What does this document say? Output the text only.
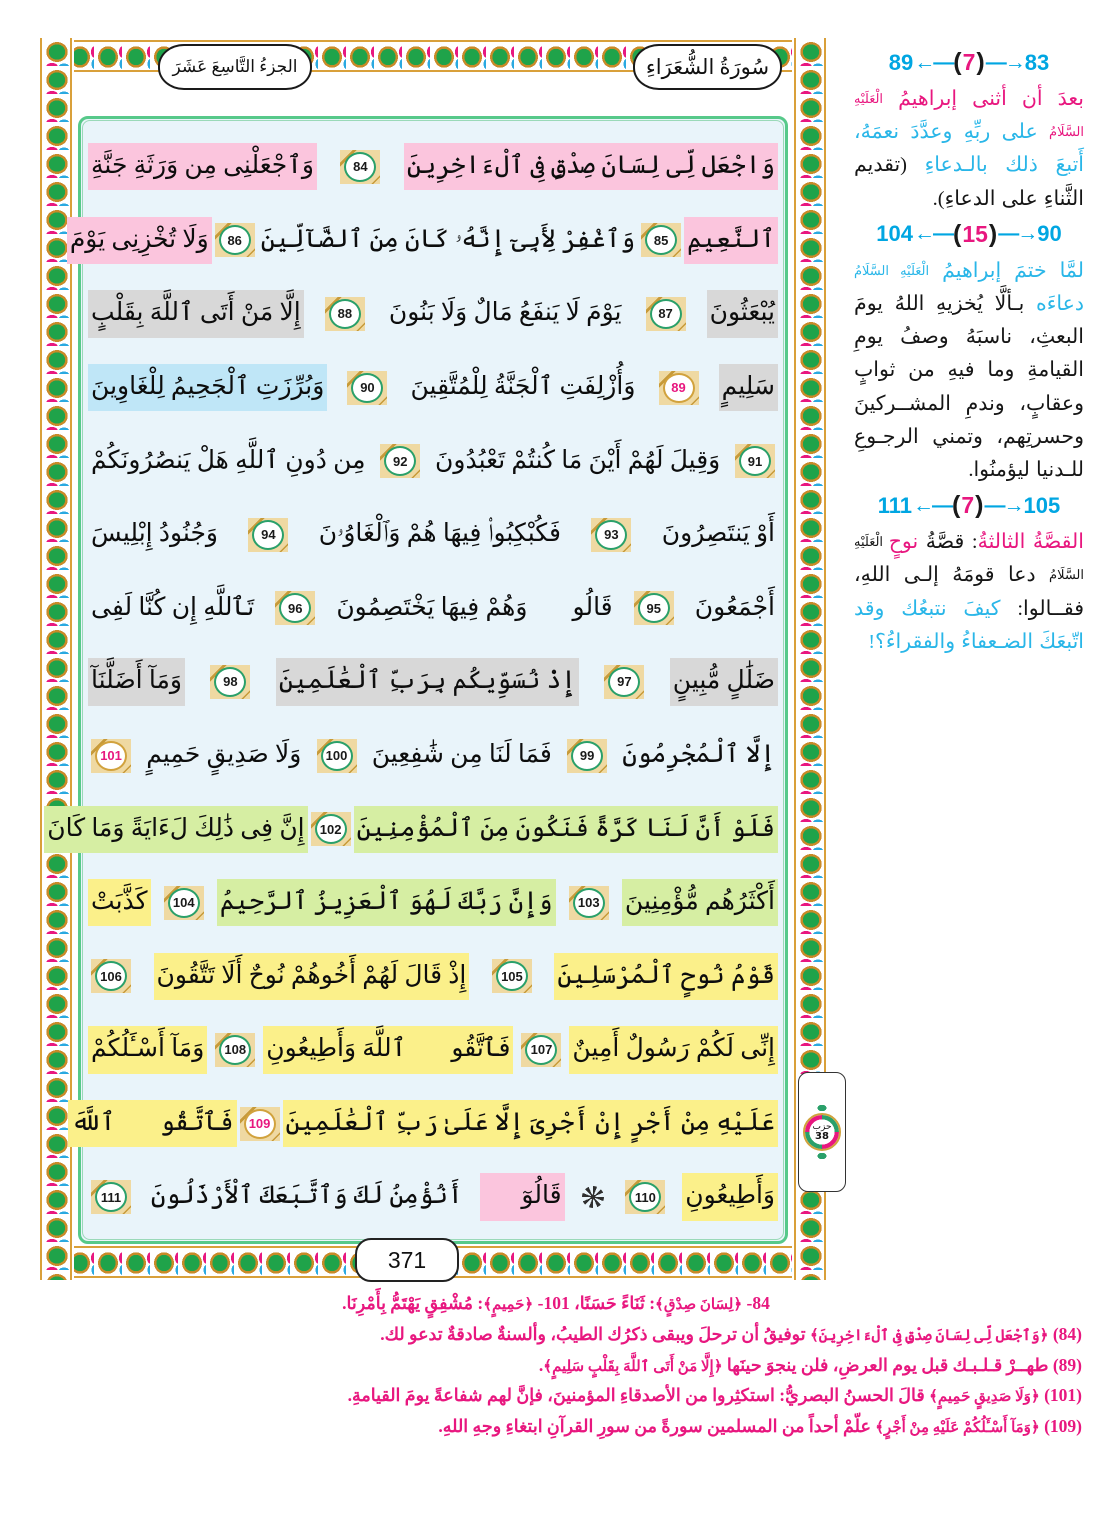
سُورَةُ الشُّعَرَاءِ
الجزءُ التَّاسِعَ عَشَرَ
وَاجْعَل لِّى لِسَانَ صِدْقٍ فِى ٱلْءَاخِرِينَ
84
وَٱجْعَلْنِى مِن وَرَثَةِ جَنَّةِ
ٱلنَّعِيمِ
85
وَٱغْفِرْ لِأَبِىٓ إِنَّهُۥ كَانَ مِنَ ٱلضَّآلِّينَ
86
وَلَا تُخْزِنِى يَوْمَ
يُبْعَثُونَ
87
يَوْمَ لَا يَنفَعُ مَالٌ وَلَا بَنُونَ
88
إِلَّا مَنْ أَتَى ٱللَّهَ بِقَلْبٍ
سَلِيمٍ
89
وَأُزْلِفَتِ ٱلْجَنَّةُ لِلْمُتَّقِينَ
90
وَبُرِّزَتِ ٱلْجَحِيمُ لِلْغَاوِينَ
91
وَقِيلَ لَهُمْ أَيْنَ مَا كُنتُمْ تَعْبُدُونَ
92
مِن دُونِ ٱللَّهِ هَلْ يَنصُرُونَكُمْ
أَوْ يَنتَصِرُونَ
93
فَكُبْكِبُوا۟ فِيهَا هُمْ وَٱلْغَاوُۥنَ
94
وَجُنُودُ إِبْلِيسَ
أَجْمَعُونَ
95
قَالُوا۟ وَهُمْ فِيهَا يَخْتَصِمُونَ
96
تَٱللَّهِ إِن كُنَّا لَفِى
ضَلَٰلٍ مُّبِينٍ
97
إِذْ نُسَوِّيكُم بِرَبِّ ٱلْعَٰلَمِينَ
98
وَمَآ أَضَلَّنَآ
إِلَّا ٱلْمُجْرِمُونَ
99
فَمَا لَنَا مِن شَٰفِعِينَ
100
وَلَا صَدِيقٍ حَمِيمٍ
101
فَلَوْ أَنَّ لَنَا كَرَّةً فَنَكُونَ مِنَ ٱلْمُؤْمِنِينَ
102
إِنَّ فِى ذَٰلِكَ لَءَايَةً وَمَا كَانَ
أَكْثَرُهُم مُّؤْمِنِينَ
103
وَإِنَّ رَبَّكَ لَهُوَ ٱلْعَزِيزُ ٱلرَّحِيمُ
104
كَذَّبَتْ
قَوْمُ نُوحٍ ٱلْمُرْسَلِينَ
105
إِذْ قَالَ لَهُمْ أَخُوهُمْ نُوحٌ أَلَا تَتَّقُونَ
106
إِنِّى لَكُمْ رَسُولٌ أَمِينٌ
107
فَٱتَّقُوا۟ ٱللَّهَ وَأَطِيعُونِ
108
وَمَآ أَسْـَٔلُكُمْ
عَلَيْهِ مِنْ أَجْرٍ إِنْ أَجْرِىَ إِلَّا عَلَىٰ رَبِّ ٱلْعَٰلَمِينَ
109
فَٱتَّقُوا۟ ٱللَّهَ
وَأَطِيعُونِ
110
قَالُوٓا۟
أَنُؤْمِنُ لَكَ وَٱتَّبَعَكَ ٱلْأَرْذَلُونَ
111
حزب
38
371
89 ←— ( 7 ) —→ 83

بعدَ أن أثنى إبراهيمُ الْعَلَيْهِ السَّلَامُ على ربِّهِ وعدَّدَ نعمَهُ، أَتبعَ ذلك بالـدعاءِ (تقديم الثَّناءِ على الدعاءِ).

104 ←— ( 15 ) —→ 90

لمَّا ختمَ إبراهيمُ الْعَلَيْهِ السَّلَامُ دعاءَه بـألَّا يُخزيهِ اللهُ يومَ البعثِ، ناسبَهُ وصفُ يومِ القيامةِ وما فيهِ من ثوابٍ وعقابٍ، وندمِ المشــركينَ وحسرتِهم، وتمني الرجـوعِ للـدنيا ليؤمنُوا.

111 ←— ( 7 ) —→ 105

القصَّةُ الثالثةُ: قصَّةُ نوحٍ الْعَلَيْهِ السَّلَامُ دعا قومَهُ إلـى اللهِ، فقــالوا: كيفَ نتبعُك وقد اتّبعَكَ الضـعفاءُ والفقراءُ؟!

84- ﴿لِسَانَ صِدْقٍ﴾: ثَنَاءً حَسَنًا، 101- ﴿حَمِيمٍ﴾: مُشْفِقٍ يَهْتَمُّ بِأَمْرِنَا.
(84) ﴿وَٱجْعَل لِّى لِسَانَ صِدْقٍ فِى ٱلْءَاخِرِينَ﴾ توفيقُ أن ترحلَ ويبقى ذكرُك الطيبُ، وألسنةٌ صادقةٌ تدعو لك.
(89) طهــرْ قـلـبـك قبل يوم العرضِ، فلن ينجوَ حينَها ﴿إِلَّا مَنْ أَتَى ٱللَّهَ بِقَلْبٍ سَلِيمٍ﴾.
(101) ﴿وَلَا صَدِيقٍ حَمِيمٍ﴾ قالَ الحسنُ البصريُّ: استكثِروا من الأصدقاءِ المؤمنينَ، فإنَّ لهم شفاعةً يومَ القيامةِ.
(109) ﴿وَمَآ أَسْـَٔلُكُمْ عَلَيْهِ مِنْ أَجْرٍ﴾ علّمْ أحداً من المسلمين سورةً من سورِ القرآنِ ابتغاءِ وجهِ اللهِ.
